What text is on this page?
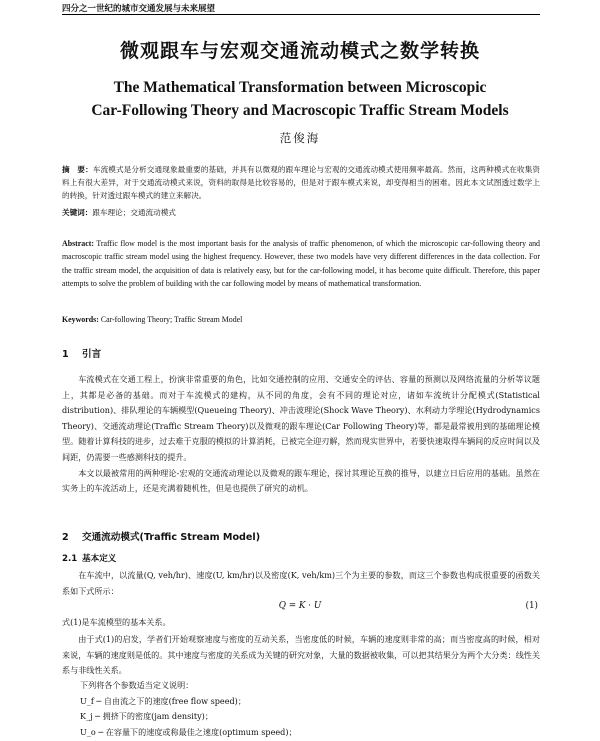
四分之一世纪的城市交通发展与未来展望
微观跟车与宏观交通流动模式之数学转换
The Mathematical Transformation between Microscopic
Car-Following Theory and Macroscopic Traffic Stream Models
范俊海
摘　要：车流模式是分析交通现象最重要的基础，并具有以微观的跟车理论与宏观的交通流动模式使用频率最高。然而，这两种模式在收集资料上有很大差异，对于交通流动模式来说，资料的取得是比较容易的，但是对于跟车模式来说，却变得相当的困难。因此本文试图透过数学上的转换，针对透过跟车模式的建立来解决。
关键词：跟车理论；交通流动模式
Abstract: Traffic flow model is the most important basis for the analysis of traffic phenomenon, of which the microscopic car-following theory and macroscopic traffic stream model using the highest frequency. However, these two models have very different differences in the data collection. For the traffic stream model, the acquisition of data is relatively easy, but for the car-following model, it has become quite difficult. Therefore, this paper attempts to solve the problem of building with the car following model by means of mathematical transformation.
Keywords: Car-following Theory; Traffic Stream Model
1 引言

车流模式在交通工程上，扮演非常重要的角色，比如交通控制的应用、交通安全的评估、容量的预测以及网络流量的分析等议题上，其都是必备的基础。而对于车流模式的建构，从不同的角度，会有不同的理论对应，诸如车流统计分配模式(Statistical distribution)、排队理论的车辆模型(Queueing Theory)、冲击波理论(Shock Wave Theory)、水利动力学理论(Hydrodynamics Theory)、交通流动理论(Traffic Stream Theory)以及微观的跟车理论(Car Following Theory)等，都是最常被用到的基础理论模型。随着计算科技的进步，过去难于克服的模拟的计算消耗，已被完全迎刃解，然而现实世界中，若要快速取得车辆间的反应时间以及间距，仍需要一些感测科技的提升。

本文以最被常用的两种理论-宏观的交通流动理论以及微观的跟车理论，探讨其理论互换的推导，以建立日后应用的基础。虽然在实务上的车流活动上，还是充满着随机性，但是也提供了研究的动机。

2 交通流动模式(Traffic Stream Model)
2.1 基本定义

在车流中，以流量(Q, veh/hr)、速度(U, km/hr)以及密度(K, veh/km)三个为主要的参数，而这三个参数也构成很重要的函数关系如下式所示：

Q = K · U	(1)
式(1)是车流模型的基本关系。

由于式(1)的启发，学者们开始观察速度与密度的互动关系，当密度低的时候，车辆的速度则非常的高；而当密度高的时候，相对来说，车辆的速度则是低的。其中速度与密度的关系成为关键的研究对象，大量的数据被收集，可以把其结果分为两个大分类：线性关系与非线性关系。

下列将各个参数适当定义说明：
U_f ─ 自由流之下的速度(free flow speed)；
K_j ─ 拥挤下的密度(jam density)；
U_o ─ 在容量下的速度或称最佳之速度(optimum speed)；
